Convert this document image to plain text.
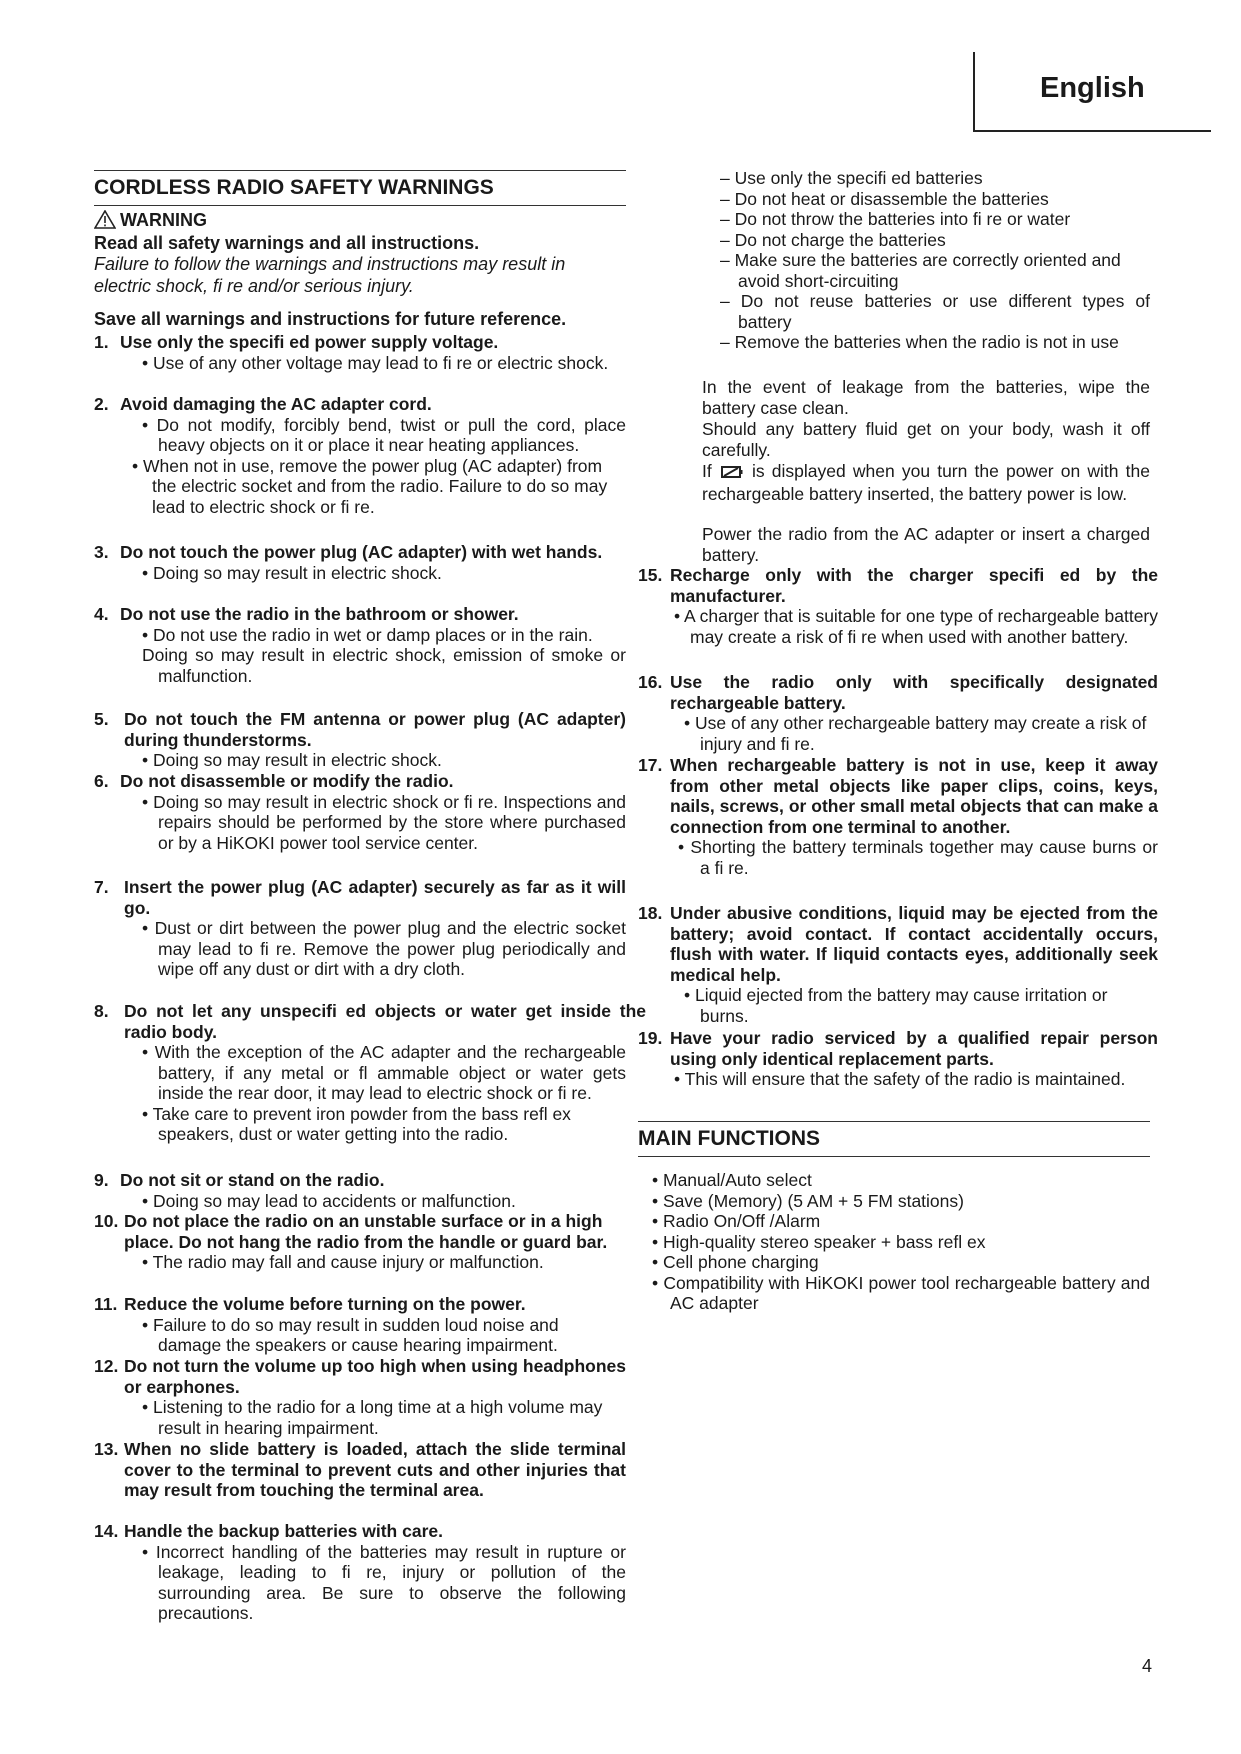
English
CORDLESS RADIO SAFETY WARNINGS
WARNING
Read all safety warnings and all instructions.
Failure to follow the warnings and instructions may result in electric shock, fi re and/or serious injury.
Save all warnings and instructions for future reference.
1. Use only the specifi ed power supply voltage.
• Use of any other voltage may lead to fi re or electric shock.
2. Avoid damaging the AC adapter cord.
• Do not modify, forcibly bend, twist or pull the cord, place heavy objects on it or place it near heating appliances.
• When not in use, remove the power plug (AC adapter) from the electric socket and from the radio. Failure to do so may lead to electric shock or fi re.
3. Do not touch the power plug (AC adapter) with wet hands.
• Doing so may result in electric shock.
4. Do not use the radio in the bathroom or shower.
• Do not use the radio in wet or damp places or in the rain.
Doing so may result in electric shock, emission of smoke or malfunction.
5. Do not touch the FM antenna or power plug (AC adapter) during thunderstorms.
• Doing so may result in electric shock.
6. Do not disassemble or modify the radio.
• Doing so may result in electric shock or fi re. Inspections and repairs should be performed by the store where purchased or by a HiKOKI power tool service center.
7. Insert the power plug (AC adapter) securely as far as it will go.
• Dust or dirt between the power plug and the electric socket may lead to fi re. Remove the power plug periodically and wipe off any dust or dirt with a dry cloth.
8. Do not let any unspecifi ed objects or water get inside the radio body.
• With the exception of the AC adapter and the rechargeable battery, if any metal or fl ammable object or water gets inside the rear door, it may lead to electric shock or fi re.
• Take care to prevent iron powder from the bass refl ex speakers, dust or water getting into the radio.
9. Do not sit or stand on the radio.
• Doing so may lead to accidents or malfunction.
10. Do not place the radio on an unstable surface or in a high place. Do not hang the radio from the handle or guard bar.
• The radio may fall and cause injury or malfunction.
11. Reduce the volume before turning on the power.
• Failure to do so may result in sudden loud noise and damage the speakers or cause hearing impairment.
12. Do not turn the volume up too high when using headphones or earphones.
• Listening to the radio for a long time at a high volume may result in hearing impairment.
13. When no slide battery is loaded, attach the slide terminal cover to the terminal to prevent cuts and other injuries that may result from touching the terminal area.
14. Handle the backup batteries with care.
• Incorrect handling of the batteries may result in rupture or leakage, leading to fi re, injury or pollution of the surrounding area. Be sure to observe the following precautions.
– Use only the specifi ed batteries
– Do not heat or disassemble the batteries
– Do not throw the batteries into fi re or water
– Do not charge the batteries
– Make sure the batteries are correctly oriented and avoid short-circuiting
– Do not reuse batteries or use different types of battery
– Remove the batteries when the radio is not in use
In the event of leakage from the batteries, wipe the battery case clean.
Should any battery fluid get on your body, wash it off carefully.
If is displayed when you turn the power on with the rechargeable battery inserted, the battery power is low.
Power the radio from the AC adapter or insert a charged battery.
15. Recharge only with the charger specifi ed by the manufacturer.
• A charger that is suitable for one type of rechargeable battery may create a risk of fi re when used with another battery.
16. Use the radio only with specifically designated rechargeable battery.
• Use of any other rechargeable battery may create a risk of injury and fi re.
17. When rechargeable battery is not in use, keep it away from other metal objects like paper clips, coins, keys, nails, screws, or other small metal objects that can make a connection from one terminal to another.
• Shorting the battery terminals together may cause burns or a fi re.
18. Under abusive conditions, liquid may be ejected from the battery; avoid contact. If contact accidentally occurs, flush with water. If liquid contacts eyes, additionally seek medical help.
• Liquid ejected from the battery may cause irritation or burns.
19. Have your radio serviced by a qualified repair person using only identical replacement parts.
• This will ensure that the safety of the radio is maintained.
MAIN FUNCTIONS
• Manual/Auto select
• Save (Memory) (5 AM + 5 FM stations)
• Radio On/Off /Alarm
• High-quality stereo speaker + bass refl ex
• Cell phone charging
• Compatibility with HiKOKI power tool rechargeable battery and AC adapter
4
